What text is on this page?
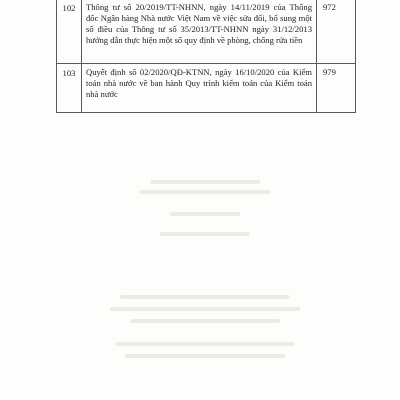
102	Thông tư số 20/2019/TT-NHNN, ngày 14/11/2019 của Thống đốc Ngân hàng Nhà nước Việt Nam về việc sửa đổi, bổ sung một số điều của Thông tư số 35/2013/TT-NHNN ngày 31/12/2013 hướng dẫn thực hiện một số quy định về phòng, chống rửa tiền	972
103	Quyết định số 02/2020/QĐ-KTNN, ngày 16/10/2020 của Kiểm toán nhà nước về ban hành Quy trình kiểm toán của Kiểm toán nhà nước	979
